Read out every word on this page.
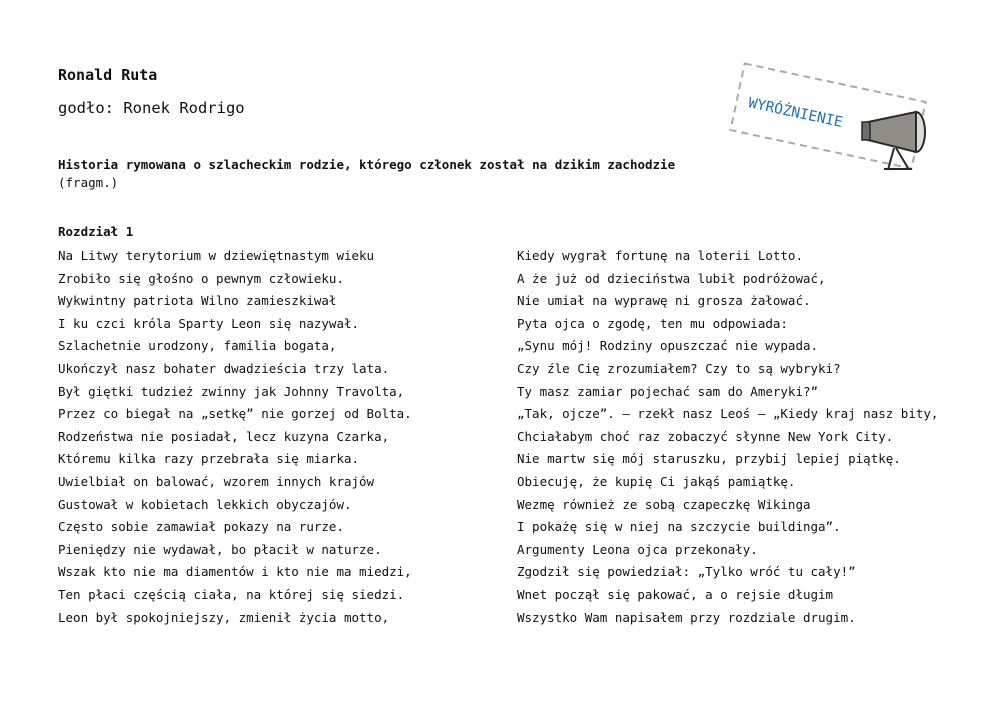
Ronald Ruta
godło: Ronek Rodrigo
Historia rymowana o szlacheckim rodzie, którego członek został na dzikim zachodzie
(fragm.)
Rozdział 1
Na Litwy terytorium w dziewiętnastym wieku
Zrobiło się głośno o pewnym człowieku.
Wykwintny patriota Wilno zamieszkiwał
I ku czci króla Sparty Leon się nazywał.
Szlachetnie urodzony, familia bogata,
Ukończył nasz bohater dwadzieścia trzy lata.
Był giętki tudzież zwinny jak Johnny Travolta,
Przez co biegał na „setkę” nie gorzej od Bolta.
Rodzeństwa nie posiadał, lecz kuzyna Czarka,
Któremu kilka razy przebrała się miarka.
Uwielbiał on balować, wzorem innych krajów
Gustował w kobietach lekkich obyczajów.
Często sobie zamawiał pokazy na rurze.
Pieniędzy nie wydawał, bo płacił w naturze.
Wszak kto nie ma diamentów i kto nie ma miedzi,
Ten płaci częścią ciała, na której się siedzi.
Leon był spokojniejszy, zmienił życia motto,
Kiedy wygrał fortunę na loterii Lotto.
A że już od dzieciństwa lubił podróżować,
Nie umiał na wyprawę ni grosza żałować.
Pyta ojca o zgodę, ten mu odpowiada:
„Synu mój! Rodziny opuszczać nie wypada.
Czy źle Cię zrozumiałem? Czy to są wybryki?
Ty masz zamiar pojechać sam do Ameryki?”
„Tak, ojcze”. – rzekł nasz Leoś – „Kiedy kraj nasz bity,
Chciałabym choć raz zobaczyć słynne New York City.
Nie martw się mój staruszku, przybij lepiej piątkę.
Obiecuję, że kupię Ci jakąś pamiątkę.
Wezmę również ze sobą czapeczkę Wikinga
I pokażę się w niej na szczycie buildinga”.
Argumenty Leona ojca przekonały.
Zgodził się powiedział: „Tylko wróć tu cały!”
Wnet począł się pakować, a o rejsie długim
Wszystko Wam napisałem przy rozdziale drugim.
WYRÓŻNIENIE
